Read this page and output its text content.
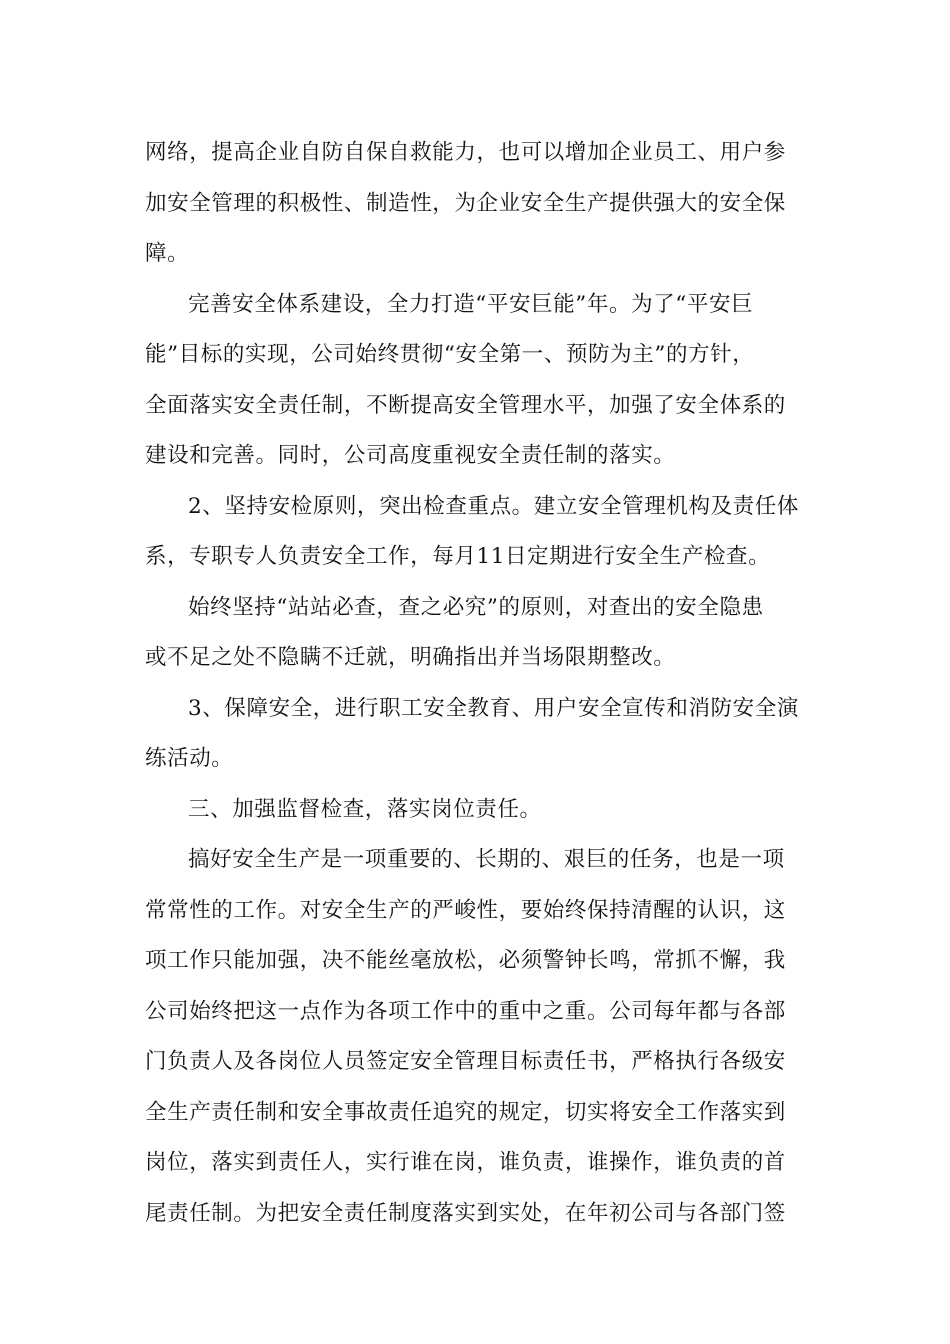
网络，提高企业自防自保自救能力，也可以增加企业员工、用户参
加安全管理的积极性、制造性，为企业安全生产提供强大的安全保
障。

完善安全体系建设，全力打造“平安巨能”年。为了“平安巨
能”目标的实现，公司始终贯彻“安全第一、预防为主”的方针，
全面落实安全责任制，不断提高安全管理水平，加强了安全体系的
建设和完善。同时，公司高度重视安全责任制的落实。

2、坚持安检原则，突出检查重点。建立安全管理机构及责任体
系，专职专人负责安全工作，每月11日定期进行安全生产检查。

始终坚持“站站必查，查之必究”的原则，对查出的安全隐患
或不足之处不隐瞒不迁就，明确指出并当场限期整改。

3、保障安全，进行职工安全教育、用户安全宣传和消防安全演
练活动。

三、加强监督检查，落实岗位责任。

搞好安全生产是一项重要的、长期的、艰巨的任务，也是一项
常常性的工作。对安全生产的严峻性，要始终保持清醒的认识，这
项工作只能加强，决不能丝毫放松，必须警钟长鸣，常抓不懈，我
公司始终把这一点作为各项工作中的重中之重。公司每年都与各部
门负责人及各岗位人员签定安全管理目标责任书，严格执行各级安
全生产责任制和安全事故责任追究的规定，切实将安全工作落实到
岗位，落实到责任人，实行谁在岗，谁负责，谁操作，谁负责的首
尾责任制。为把安全责任制度落实到实处，在年初公司与各部门签
